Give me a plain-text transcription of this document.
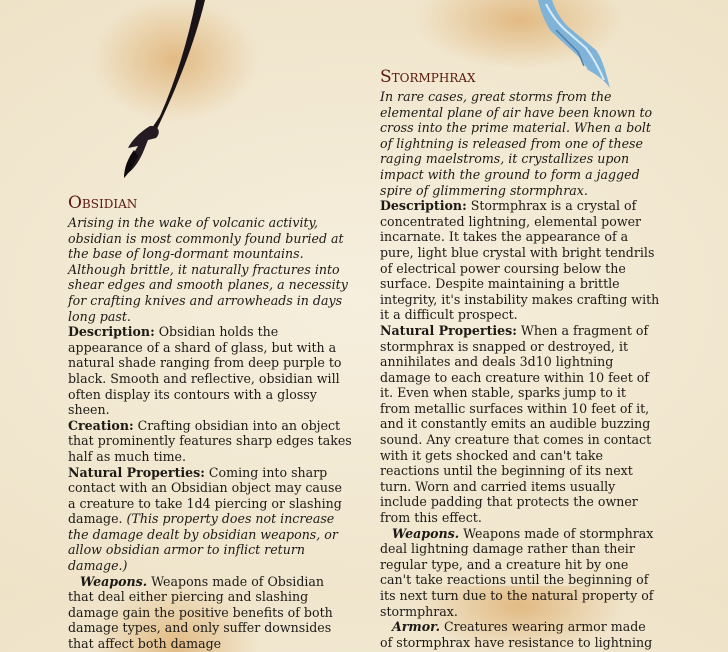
Obsidian

Arising in the wake of volcanic activity, obsidian is most commonly found buried at the base of long-dormant mountains. Although brittle, it naturally fractures into shear edges and smooth planes, a necessity for crafting knives and arrowheads in days long past.

Description: Obsidian holds the appearance of a shard of glass, but with a natural shade ranging from deep purple to black. Smooth and reflective, obsidian will often display its contours with a glossy sheen.

Creation: Crafting obsidian into an object that prominently features sharp edges takes half as much time.

Natural Properties: Coming into sharp contact with an Obsidian object may cause a creature to take 1d4 piercing or slashing damage. (This property does not increase the damage dealt by obsidian weapons, or allow obsidian armor to inflict return damage.)

Weapons. Weapons made of Obsidian that deal either piercing and slashing damage gain the positive benefits of both damage types, and only suffer downsides that affect both damage

Stormphrax

In rare cases, great storms from the elemental plane of air have been known to cross into the prime material. When a bolt of lightning is released from one of these raging maelstroms, it crystallizes upon impact with the ground to form a jagged spire of glimmering stormphrax.

Description: Stormphrax is a crystal of concentrated lightning, elemental power incarnate. It takes the appearance of a pure, light blue crystal with bright tendrils of electrical power coursing below the surface. Despite maintaining a brittle integrity, it's instability makes crafting with it a difficult prospect.

Natural Properties: When a fragment of stormphrax is snapped or destroyed, it annihilates and deals 3d10 lightning damage to each creature within 10 feet of it. Even when stable, sparks jump to it from metallic surfaces within 10 feet of it, and it constantly emits an audible buzzing sound. Any creature that comes in contact with it gets shocked and can't take reactions until the beginning of its next turn. Worn and carried items usually include padding that protects the owner from this effect.

Weapons. Weapons made of stormphrax deal lightning damage rather than their regular type, and a creature hit by one can't take reactions until the beginning of its next turn due to the natural property of stormphrax.

Armor. Creatures wearing armor made of stormphrax have resistance to lightning
